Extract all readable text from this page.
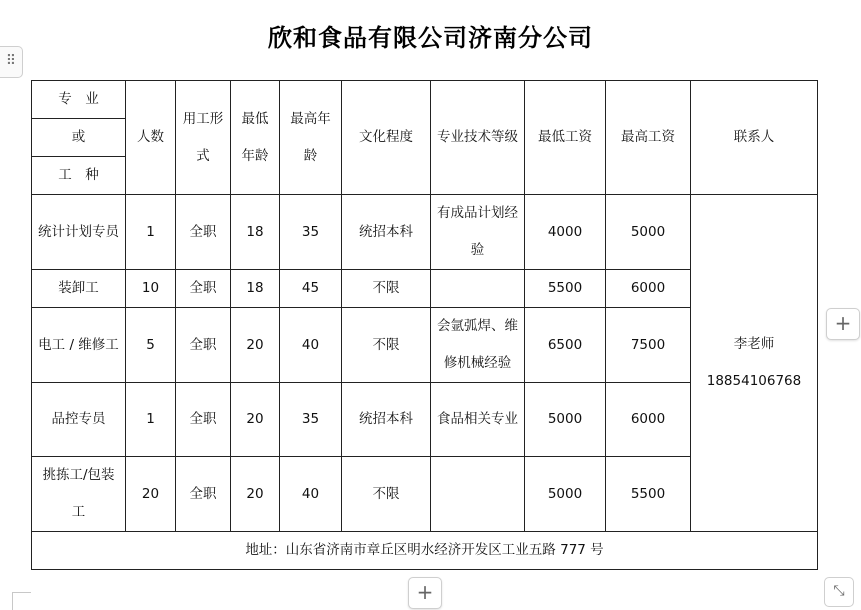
欣和食品有限公司济南分公司
⠿
专　业	人数	用工形式	最低年龄	最高年龄	文化程度	专业技术等级	最低工资	最高工资	联系人
或									
工　种									
统计计划专员	1	全职	18	35	统招本科	有成品计划经验	4000	5000	李老师
18854106768

装卸工	10	全职	18	45	不限		5500	6000	
电工 / 维修工	5	全职	20	40	不限	会氩弧焊、维修机械经验	6500	7500	
品控专员	1	全职	20	35	统招本科	食品相关专业	5000	6000	
挑拣工/包装工	20	全职	20	40	不限		5000	5500	
地址：山东省济南市章丘区明水经济开发区工业五路 777 号									
+
+	⤡
